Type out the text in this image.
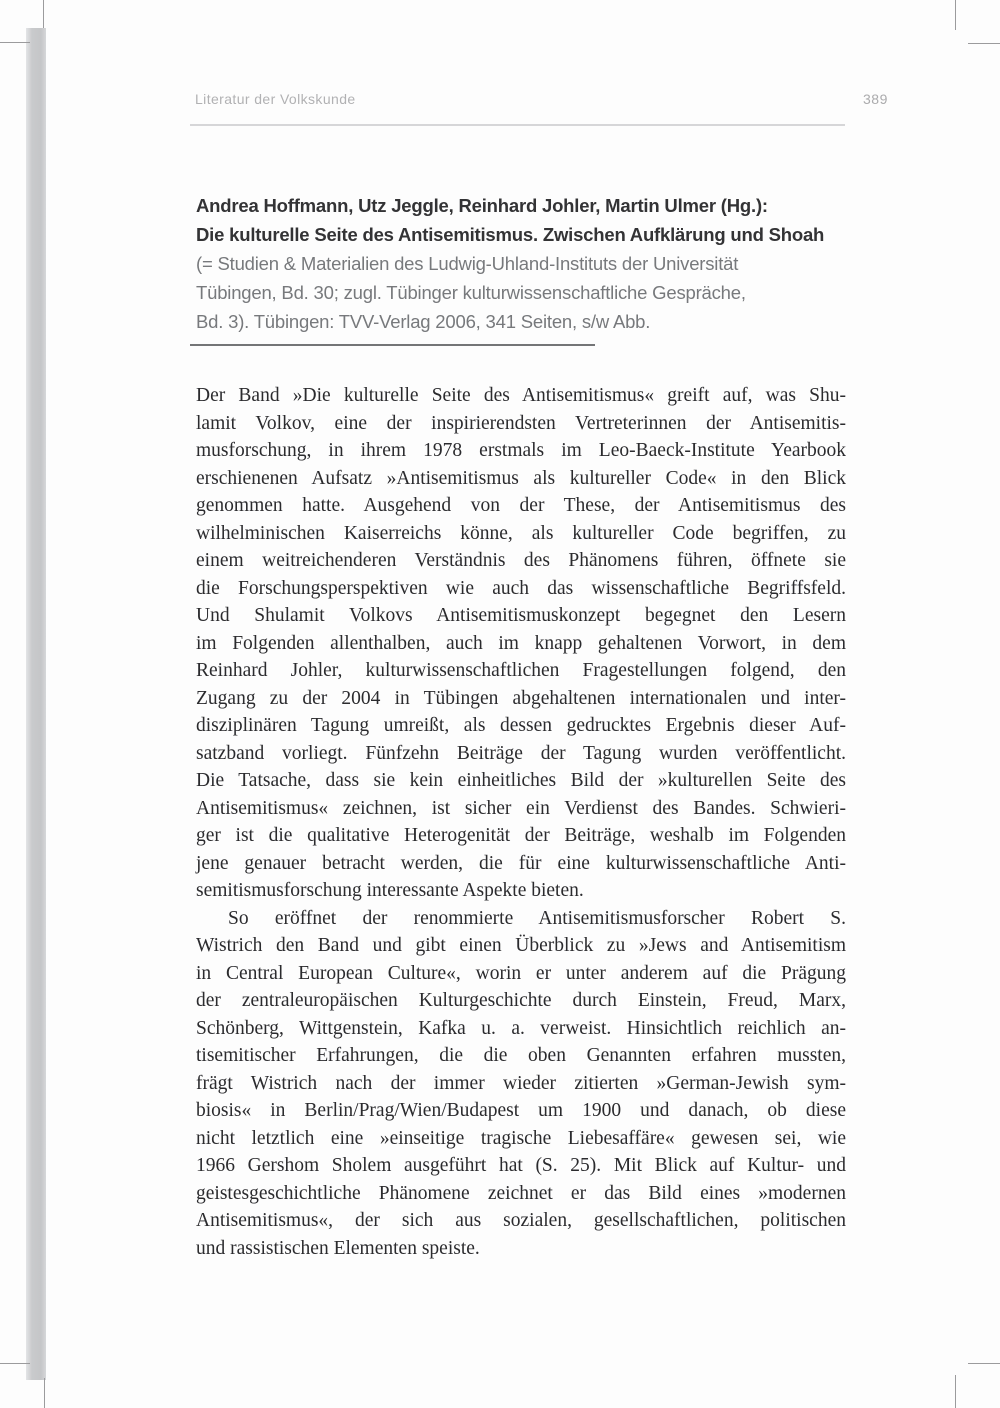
Literatur der Volkskunde	389
Andrea Hoffmann, Utz Jeggle, Reinhard Johler, Martin Ulmer (Hg.):
Die kulturelle Seite des Antisemitismus. Zwischen Aufklärung und Shoah
(= Studien & Materialien des Ludwig-Uhland-Instituts der Universität
Tübingen, Bd. 30; zugl. Tübinger kulturwissenschaftliche Gespräche,
Bd. 3). Tübingen: TVV-Verlag 2006, 341 Seiten, s/w Abb.
Der Band »Die kulturelle Seite des Antisemitismus« greift auf, was Shu-
lamit Volkov, eine der inspirierendsten Vertreterinnen der Antisemitis-
musforschung, in ihrem 1978 erstmals im Leo-Baeck-Institute Yearbook
erschienenen Aufsatz »Antisemitismus als kultureller Code« in den Blick
genommen hatte. Ausgehend von der These, der Antisemitismus des
wilhelminischen Kaiserreichs könne, als kultureller Code begriffen, zu
einem weitreichenderen Verständnis des Phänomens führen, öffnete sie
die Forschungsperspektiven wie auch das wissenschaftliche Begriffsfeld.
Und Shulamit Volkovs Antisemitismuskonzept begegnet den Lesern
im Folgenden allenthalben, auch im knapp gehaltenen Vorwort, in dem
Reinhard Johler, kulturwissenschaftlichen Fragestellungen folgend, den
Zugang zu der 2004 in Tübingen abgehaltenen internationalen und inter-
disziplinären Tagung umreißt, als dessen gedrucktes Ergebnis dieser Auf-
satzband vorliegt. Fünfzehn Beiträge der Tagung wurden veröffentlicht.
Die Tatsache, dass sie kein einheitliches Bild der »kulturellen Seite des
Antisemitismus« zeichnen, ist sicher ein Verdienst des Bandes. Schwieri-
ger ist die qualitative Heterogenität der Beiträge, weshalb im Folgenden
jene genauer betracht werden, die für eine kulturwissenschaftliche Anti-
semitismusforschung interessante Aspekte bieten.
So eröffnet der renommierte Antisemitismusforscher Robert S.
Wistrich den Band und gibt einen Überblick zu »Jews and Antisemitism
in Central European Culture«, worin er unter anderem auf die Prägung
der zentraleuropäischen Kulturgeschichte durch Einstein, Freud, Marx,
Schönberg, Wittgenstein, Kafka u. a. verweist. Hinsichtlich reichlich an-
tisemitischer Erfahrungen, die die oben Genannten erfahren mussten,
frägt Wistrich nach der immer wieder zitierten »German-Jewish sym-
biosis« in Berlin/Prag/Wien/Budapest um 1900 und danach, ob diese
nicht letztlich eine »einseitige tragische Liebesaffäre« gewesen sei, wie
1966 Gershom Sholem ausgeführt hat (S. 25). Mit Blick auf Kultur- und
geistesgeschichtliche Phänomene zeichnet er das Bild eines »modernen
Antisemitismus«, der sich aus sozialen, gesellschaftlichen, politischen
und rassistischen Elementen speiste.
